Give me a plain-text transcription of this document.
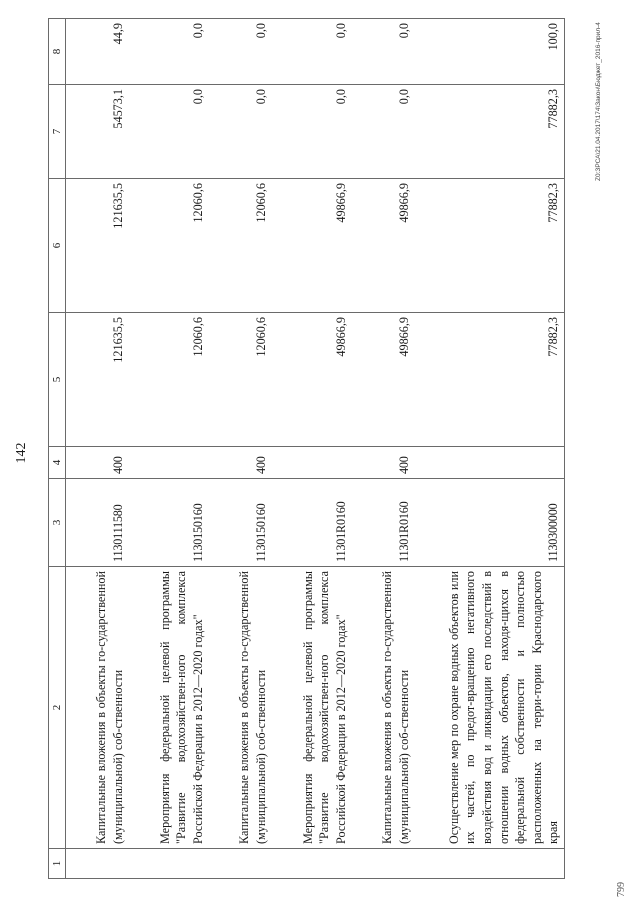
142
1	2	3	4	5	6	7	8
	Капитальные вложения в объекты го-сударственной (муниципальной) соб-ственности	1130111580	400	121635,5	121635,5	54573,1	44,9
	Мероприятия федеральной целевой программы "Развитие водохозяйствен-ного комплекса Российской Федерации в 2012—2020 годах"	1130150160		12060,6	12060,6	0,0	0,0
	Капитальные вложения в объекты го-сударственной (муниципальной) соб-ственности	1130150160	400	12060,6	12060,6	0,0	0,0
	Мероприятия федеральной целевой программы "Развитие водохозяйствен-ного комплекса Российской Федерации в 2012—2020 годах"	11301R0160		49866,9	49866,9	0,0	0,0
	Капитальные вложения в объекты го-сударственной (муниципальной) соб-ственности	11301R0160	400	49866,9	49866,9	0,0	0,0
	Осуществление мер по охране водных объектов или их частей, по предот-вращению негативного воздействия вод и ликвидации его последствий в отношении водных объектов, находя-щихся в федеральной собственности и полностью расположенных на терри-тории Краснодарского края	1130300000		77882,3	77882,3	77882,3	100,0	Z0:ЗРСА\21.04.2017\174\Закон\Бюджет_2016-прил-4
799
